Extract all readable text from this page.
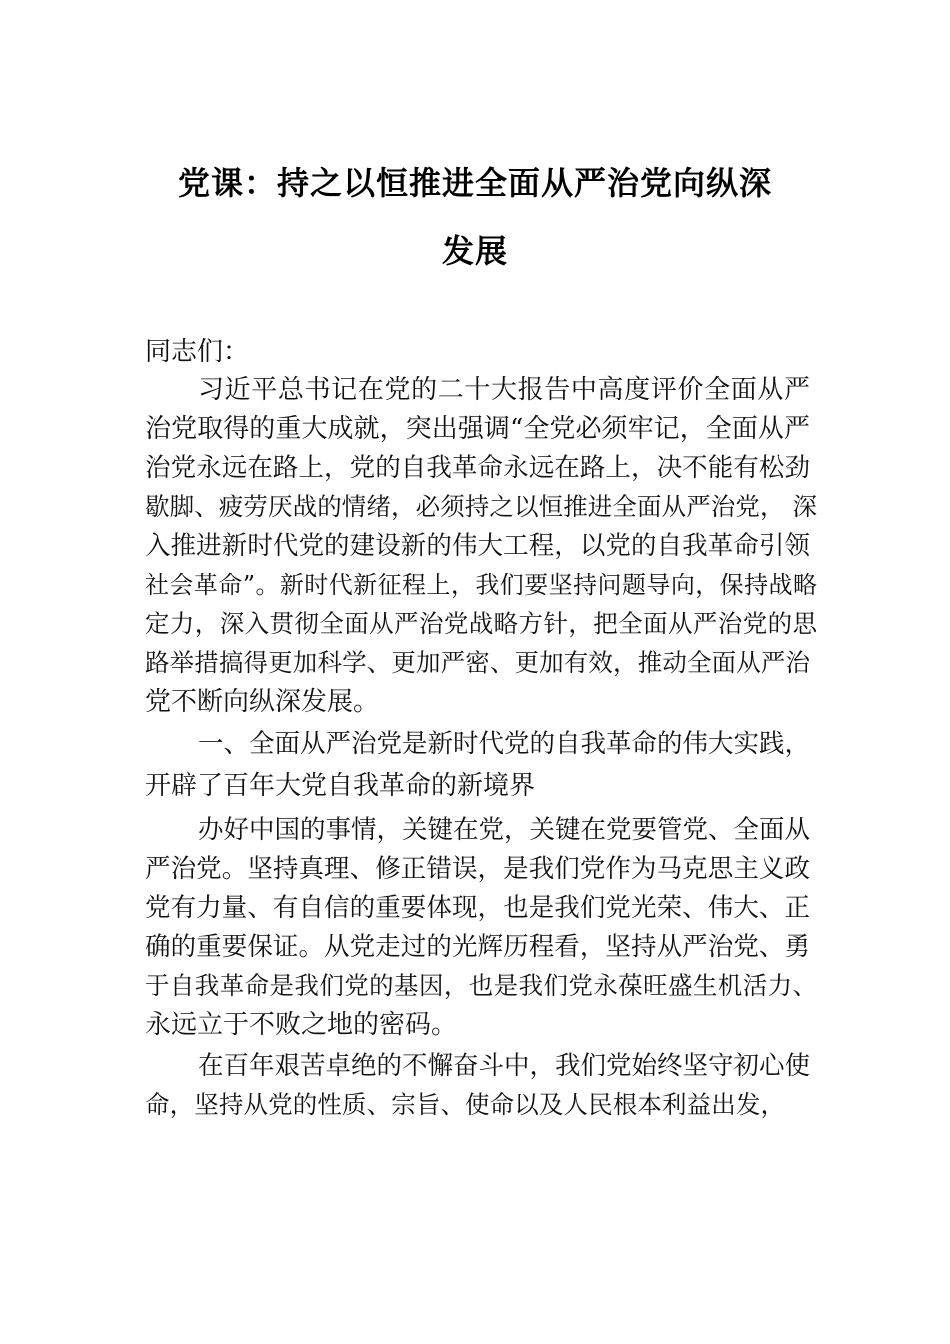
党课：持之以恒推进全面从严治党向纵深
发展
同志们：
习近平总书记在党的二十大报告中高度评价全面从严
治党取得的重大成就，突出强调“全党必须牢记，全面从严
治党永远在路上，党的自我革命永远在路上，决不能有松劲
歇脚、疲劳厌战的情绪，必须持之以恒推进全面从严治党， 深
入推进新时代党的建设新的伟大工程，以党的自我革命引领
社会革命”。新时代新征程上，我们要坚持问题导向，保持战略
定力，深入贯彻全面从严治党战略方针，把全面从严治党的思
路举措搞得更加科学、更加严密、更加有效，推动全面从严治
党不断向纵深发展。
一、全面从严治党是新时代党的自我革命的伟大实践，
开辟了百年大党自我革命的新境界
办好中国的事情，关键在党，关键在党要管党、全面从
严治党。坚持真理、修正错误，是我们党作为马克思主义政
党有力量、有自信的重要体现，也是我们党光荣、伟大、正
确的重要保证。从党走过的光辉历程看，坚持从严治党、勇
于自我革命是我们党的基因，也是我们党永葆旺盛生机活力、
永远立于不败之地的密码。
在百年艰苦卓绝的不懈奋斗中，我们党始终坚守初心使
命，坚持从党的性质、宗旨、使命以及人民根本利益出发，
